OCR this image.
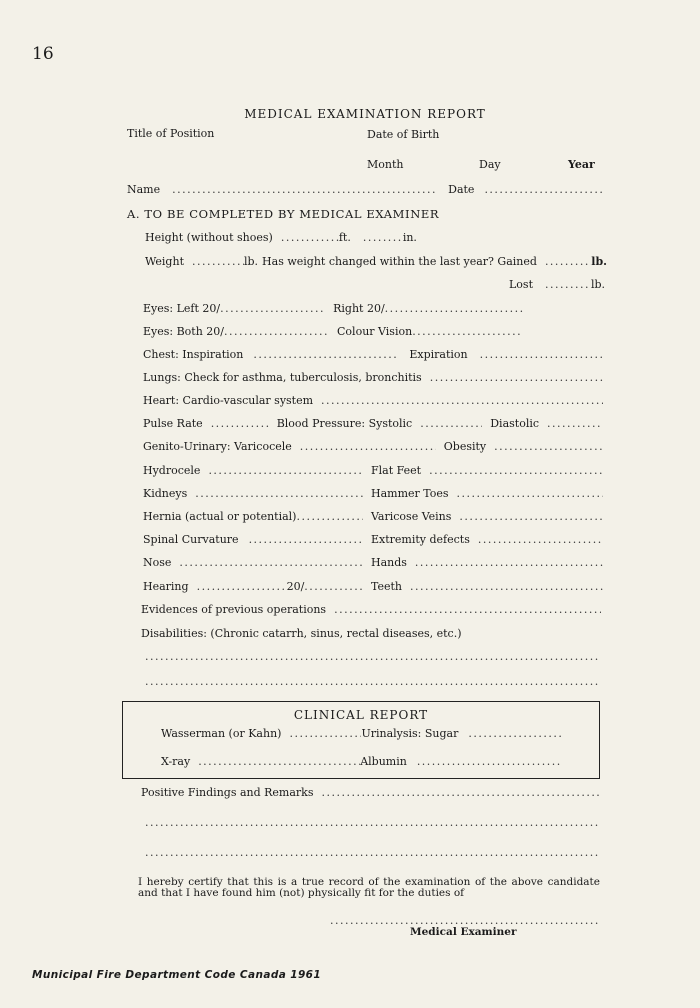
16
MEDICAL EXAMINATION REPORT
Title of Position	Date of Birth
Month	Day	Year
Name .....	Date
.....
A. TO BE COMPLETED BY MEDICAL EXAMINER
Height (without shoes) .....	ft. .....	in.
Weight .....	lb. Has weight changed within the last year? Gained .....	lb.
Lost .....	lb.
Eyes: Left 20/ .....	Right 20/
.....
Eyes: Both 20/ .....	Colour Vision
.....
Chest: Inspiration .....	Expiration
.....
Lungs: Check for asthma, tuberculosis, bronchitis
.....
Heart: Cardio-vascular system
.....
Pulse Rate .....	Blood Pressure: Systolic .....	Diastolic
.....
Genito-Urinary: Varicocele .....	Obesity
.....
Hydrocele .....	Flat Feet
.....
Kidneys .....	Hammer Toes
.....
Hernia (actual or potential) .....	Varicose Veins
.....
Spinal Curvature .....	Extremity defects
.....
Nose .....	Hands
.....
Hearing .....	20/ .....	Teeth
.....
Evidences of previous operations
.....
Disabilities: (Chronic catarrh, sinus, rectal diseases, etc.)
.....
.....
CLINICAL REPORT
Wasserman (or Kahn) .....	Urinalysis: Sugar
.....
X-ray .....	Albumin
.....
Positive Findings and Remarks
.....
.....
.....
I hereby certify that this is a true record of the examination of the above candidate and that I have found him (not) physically fit for the duties of
.....
Medical Examiner
Municipal Fire Department Code Canada 1961
